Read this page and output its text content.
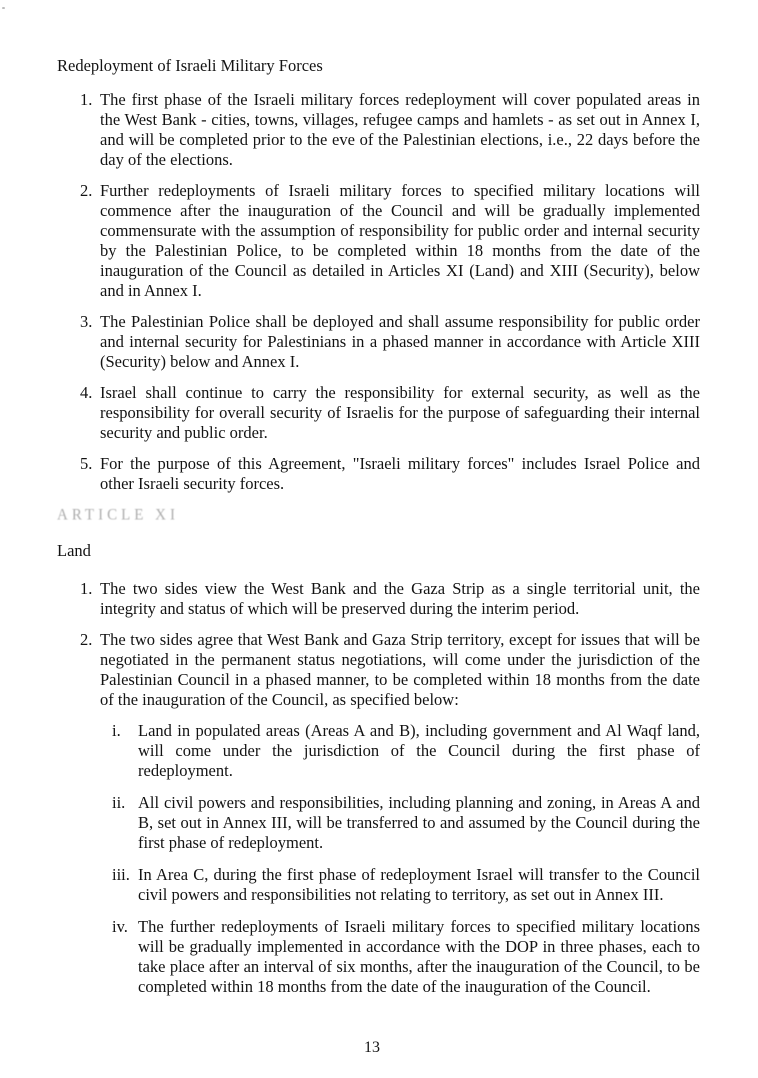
Redeployment of Israeli Military Forces

1. The first phase of the Israeli military forces redeployment will cover populated areas in the West Bank - cities, towns, villages, refugee camps and hamlets - as set out in Annex I, and will be completed prior to the eve of the Palestinian elections, i.e., 22 days before the day of the elections.
2. Further redeployments of Israeli military forces to specified military locations will commence after the inauguration of the Council and will be gradually implemented commensurate with the assumption of responsibility for public order and internal security by the Palestinian Police, to be completed within 18 months from the date of the inauguration of the Council as detailed in Articles XI (Land) and XIII (Security), below and in Annex I.
3. The Palestinian Police shall be deployed and shall assume responsibility for public order and internal security for Palestinians in a phased manner in accordance with Article XIII (Security) below and Annex I.
4. Israel shall continue to carry the responsibility for external security, as well as the responsibility for overall security of Israelis for the purpose of safeguarding their internal security and public order.
5. For the purpose of this Agreement, "Israeli military forces" includes Israel Police and other Israeli security forces.

ARTICLE XI

Land

1. The two sides view the West Bank and the Gaza Strip as a single territorial unit, the integrity and status of which will be preserved during the interim period.
2. The two sides agree that West Bank and Gaza Strip territory, except for issues that will be negotiated in the permanent status negotiations, will come under the jurisdiction of the Palestinian Council in a phased manner, to be completed within 18 months from the date of the inauguration of the Council, as specified below:
i.	Land in populated areas (Areas A and B), including government and Al Waqf land, will come under the jurisdiction of the Council during the first phase of redeployment.
ii. All civil powers and responsibilities, including planning and zoning, in Areas A and B, set out in Annex III, will be transferred to and assumed by the Council during the first phase of redeployment.
iii. In Area C, during the first phase of redeployment Israel will transfer to the Council civil powers and responsibilities not relating to territory, as set out in Annex III.
iv. The further redeployments of Israeli military forces to specified military locations will be gradually implemented in accordance with the DOP in three phases, each to take place after an interval of six months, after the inauguration of the Council, to be completed within 18 months from the date of the inauguration of the Council.
13
